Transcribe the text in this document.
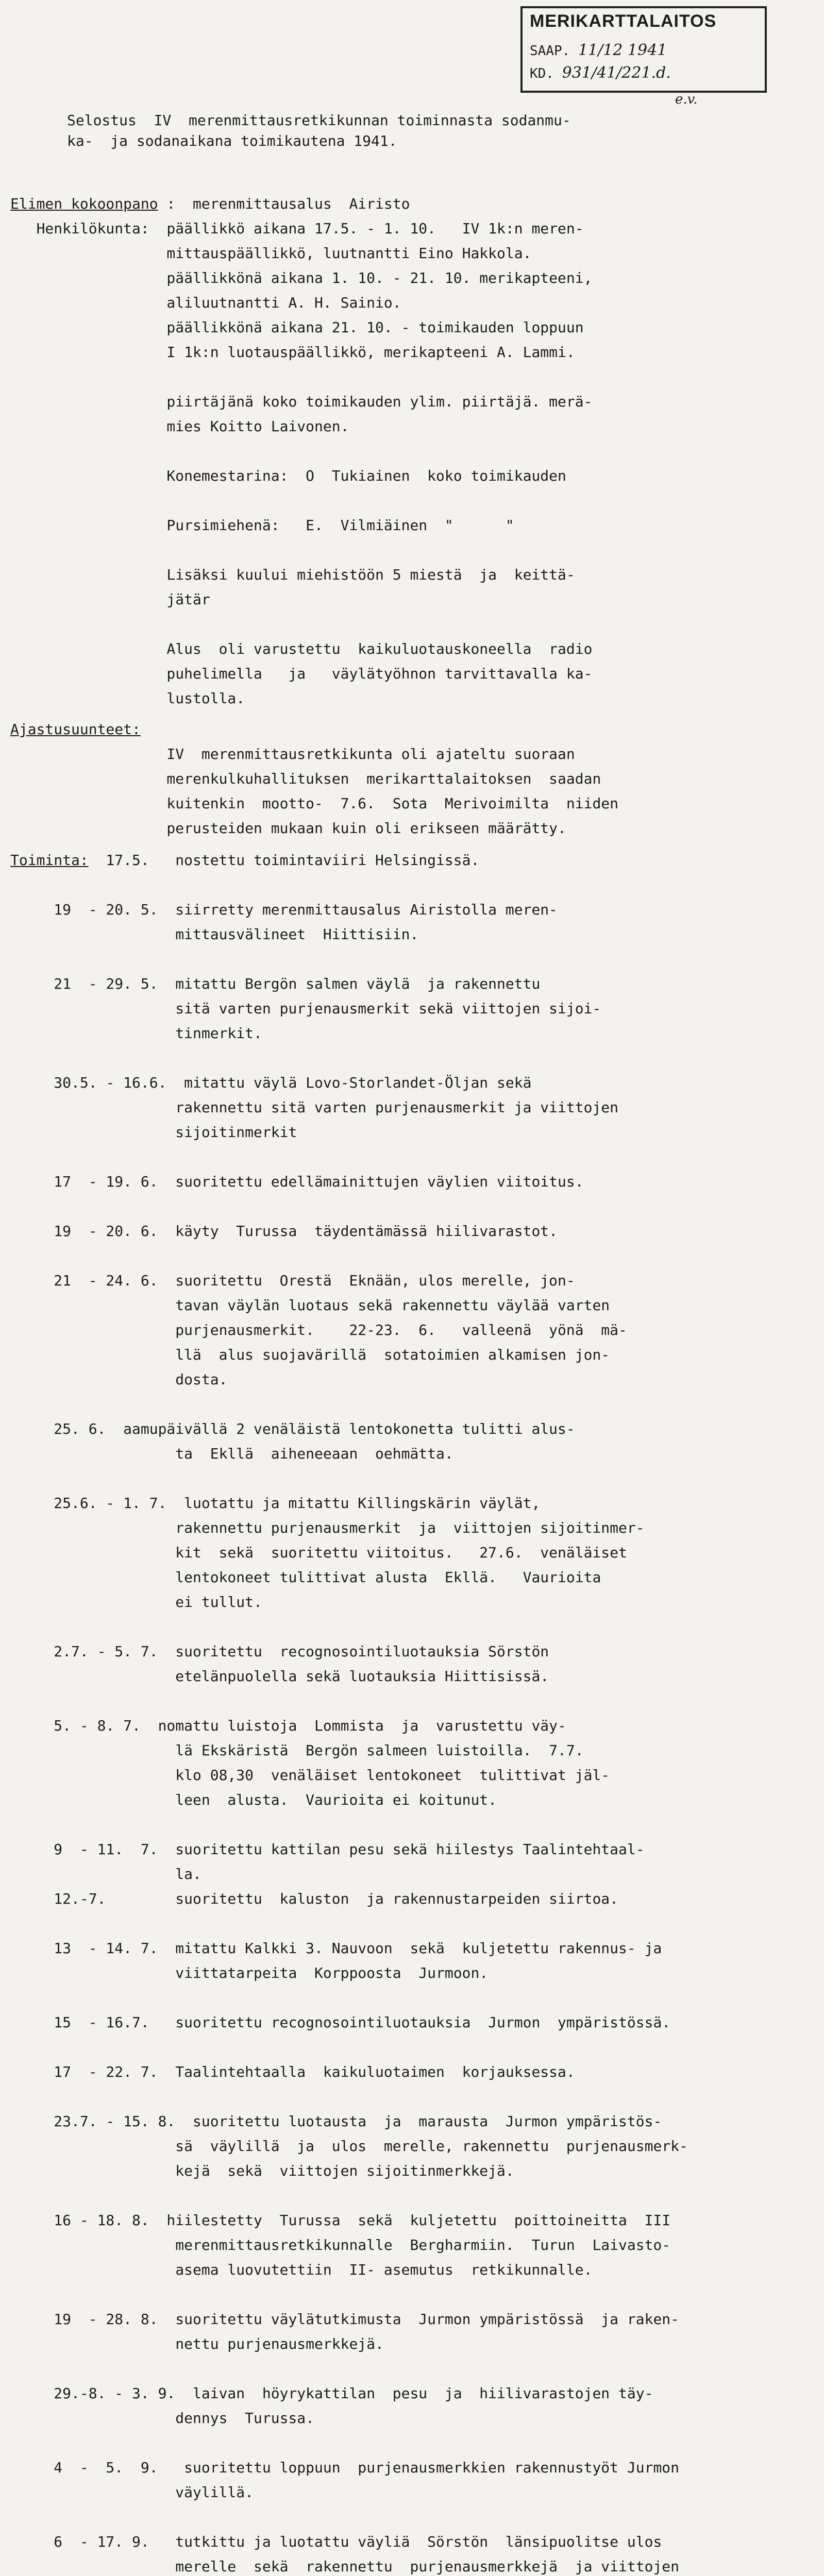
MERIKARTTALAITOS
SAAP. 11/12 1941
KD. 931/41/221.d.
e.v.
Selostus  IV  merenmittausretkikunnan toiminnasta sodanmu-
ka-  ja sodanaikana toimikautena 1941.
Elimen kokoonpano :  merenmittausalus  Airisto
Henkilökunta:  päällikkö aikana 17.5. - 1. 10.   IV 1k:n meren-
mittauspäällikkö, luutnantti Eino Hakkola.
päällikkönä aikana 1. 10. - 21. 10. merikapteeni,
aliluutnantti A. H. Sainio.
päällikkönä aikana 21. 10. - toimikauden loppuun
I 1k:n luotauspäällikkö, merikapteeni A. Lammi.
piirtäjänä koko toimikauden ylim. piirtäjä. merä-
mies Koitto Laivonen.
Konemestarina:  O  Tukiainen  koko toimikauden
Pursimiehenä:   E.  Vilmiäinen  "      "
Lisäksi kuului miehistöön 5 miestä  ja  keittä-
jätär
Alus  oli varustettu  kaikuluotauskoneella  radio
puhelimella   ja   väylätyöhnon tarvittavalla ka-
lustolla.
Ajastusuunteet:
IV  merenmittausretkikunta oli ajateltu suoraan
merenkulkuhallituksen  merikarttalaitoksen  saadan
kuitenkin  mootto-  7.6.  Sota  Merivoimilta  niiden
perusteiden mukaan kuin oli erikseen määrätty.
Toiminta:  17.5.   nostettu toimintaviiri Helsingissä.
19  - 20. 5.  siirretty merenmittausalus Airistolla meren-
mittausvälineet  Hiittisiin.
21  - 29. 5.  mitattu Bergön salmen väylä  ja rakennettu
sitä varten purjenausmerkit sekä viittojen sijoi-
tinmerkit.
30.5. - 16.6.  mitattu väylä Lovo-Storlandet-Öljan sekä
rakennettu sitä varten purjenausmerkit ja viittojen
sijoitinmerkit
17  - 19. 6.  suoritettu edellämainittujen väylien viitoitus.
19  - 20. 6.  käyty  Turussa  täydentämässä hiilivarastot.
21  - 24. 6.  suoritettu  Orestä  Eknään, ulos merelle, jon-
tavan väylän luotaus sekä rakennettu väylää varten
purjenausmerkit.    22-23.  6.   valleenä  yönä  mä-
llä  alus suojavärillä  sotatoimien alkamisen jon-
dosta.
25. 6.  aamupäivällä 2 venäläistä lentokonetta tulitti alus-
ta  Ekllä  aiheneeaan  oehmätta.
25.6. - 1. 7.  luotattu ja mitattu Killingskärin väylät,
rakennettu purjenausmerkit  ja  viittojen sijoitinmer-
kit  sekä  suoritettu viitoitus.   27.6.  venäläiset
lentokoneet tulittivat alusta  Ekllä.   Vaurioita
ei tullut.
2.7. - 5. 7.  suoritettu  recognosointiluotauksia Sörstön
etelänpuolella sekä luotauksia Hiittisissä.
5. - 8. 7.  nomattu luistoja  Lommista  ja  varustettu väy-
lä Ekskäristä  Bergön salmeen luistoilla.  7.7.
klo 08,30  venäläiset lentokoneet  tulittivat jäl-
leen  alusta.  Vaurioita ei koitunut.
9  - 11.  7.  suoritettu kattilan pesu sekä hiilestys Taalintehtaal-
la.
12.-7.        suoritettu  kaluston  ja rakennustarpeiden siirtoa.
13  - 14. 7.  mitattu Kalkki 3. Nauvoon  sekä  kuljetettu rakennus- ja
viittatarpeita  Korppoosta  Jurmoon.
15  - 16.7.   suoritettu recognosointiluotauksia  Jurmon  ympäristössä.
17  - 22. 7.  Taalintehtaalla  kaikuluotaimen  korjauksessa.
23.7. - 15. 8.  suoritettu luotausta  ja  marausta  Jurmon ympäristös-
sä  väylillä  ja  ulos  merelle, rakennettu  purjenausmerk-
kejä  sekä  viittojen sijoitinmerkkejä.
16 - 18. 8.  hiilestetty  Turussa  sekä  kuljetettu  poittoineitta  III
merenmittausretkikunnalle  Bergharmiin.  Turun  Laivasto-
asema luovutettiin  II- asemutus  retkikunnalle.
19  - 28. 8.  suoritettu väylätutkimusta  Jurmon ympäristössä  ja raken-
nettu purjenausmerkkejä.
29.-8. - 3. 9.  laivan  höyrykattilan  pesu  ja  hiilivarastojen täy-
dennys  Turussa.
4  -  5.  9.   suoritettu loppuun  purjenausmerkkien rakennustyöt Jurmon
väylillä.
6  - 17. 9.   tutkittu ja luotattu väyliä  Sörstön  länsipuolitse ulos
merelle  sekä  rakennettu  purjenausmerkkejä  ja viittojen
